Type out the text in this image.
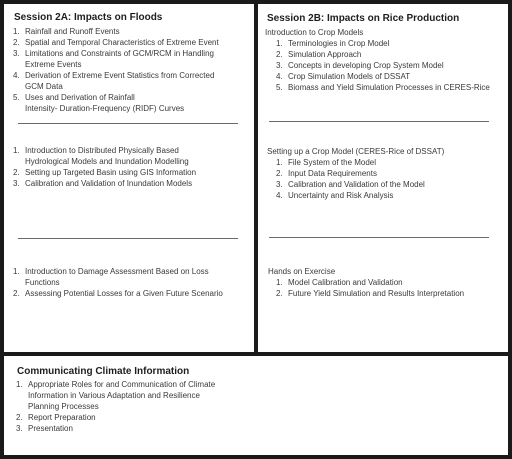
Session 2A: Impacts on Floods
1. Rainfall and Runoff Events
2. Spatial and Temporal Characteristics of Extreme Event
3. Limitations and Constraints of GCM/RCM in Handling
Extreme Events
4. Derivation of Extreme Event Statistics from Corrected
GCM Data
5. Uses and Derivation of Rainfall
Intensity- Duration-Frequency (RIDF) Curves
1. Introduction to Distributed Physically Based
Hydrological Models and Inundation Modelling
2. Setting up Targeted Basin using GIS Information
3. Calibration and Validation of Inundation Models
1. Introduction to Damage Assessment Based on Loss
Functions
2. Assessing Potential Losses for a Given Future Scenario
Session 2B: Impacts on Rice Production
Introduction to Crop Models
1. Terminologies in Crop Model
2. Simulation Approach
3. Concepts in developing Crop System Model
4. Crop Simulation Models of DSSAT
5. Biomass and Yield Simulation Processes in CERES-Rice
Setting up a Crop Model (CERES-Rice of DSSAT)
1. File System of the Model
2. Input Data Requirements
3. Calibration and Validation of the Model
4. Uncertainty and Risk Analysis
Hands on Exercise
1. Model Calibration and Validation
2. Future Yield Simulation and Results Interpretation
Communicating Climate Information
1. Appropriate Roles for and Communication of Climate
Information in Various Adaptation and Resilience
Planning Processes
2. Report Preparation
3. Presentation
